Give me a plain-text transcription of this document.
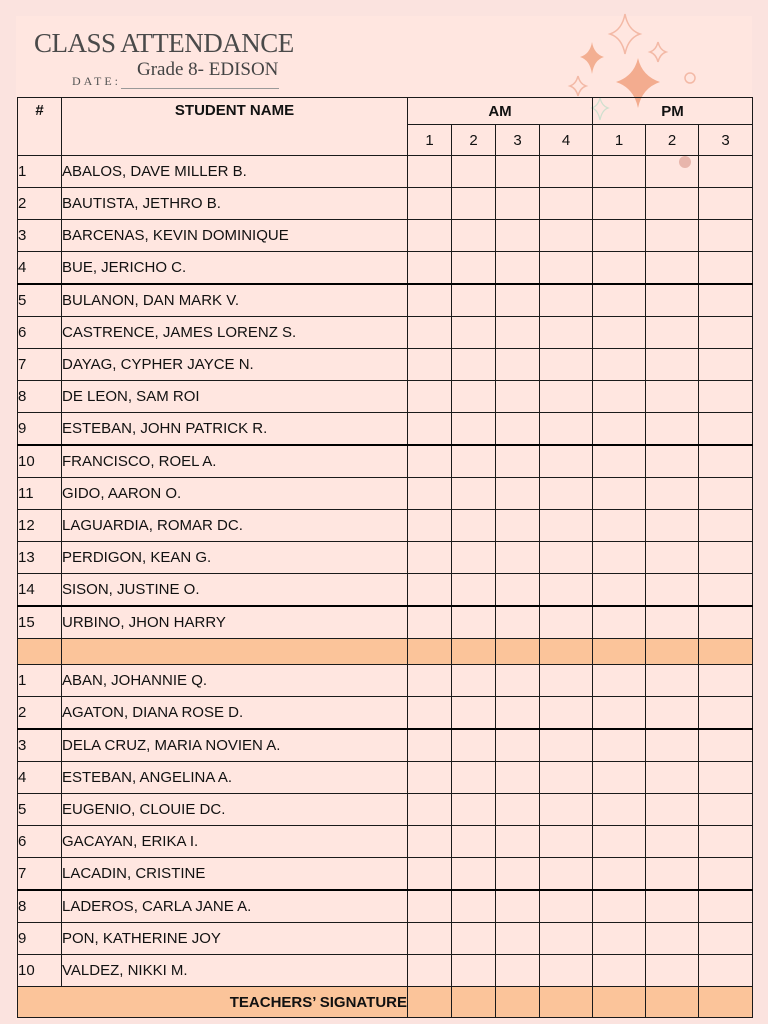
CLASS ATTENDANCE
DATE:
Grade 8- EDISON
#	STUDENT NAME	AM				PM		
		1	2	3	4	1	2	3
1	ABALOS, DAVE MILLER B.							
2	BAUTISTA, JETHRO B.							
3	BARCENAS, KEVIN DOMINIQUE							
4	BUE, JERICHO C.							
5	BULANON, DAN MARK V.							
6	CASTRENCE, JAMES LORENZ S.							
7	DAYAG, CYPHER JAYCE N.							
8	DE LEON, SAM ROI							
9	ESTEBAN, JOHN PATRICK R.							
10	FRANCISCO, ROEL A.							
11	GIDO, AARON O.							
12	LAGUARDIA, ROMAR DC.							
13	PERDIGON, KEAN G.							
14	SISON, JUSTINE O.							
15	URBINO, JHON HARRY							

1	ABAN, JOHANNIE Q.							
2	AGATON, DIANA ROSE D.							
3	DELA CRUZ, MARIA NOVIEN A.							
4	ESTEBAN, ANGELINA A.							
5	EUGENIO, CLOUIE DC.							
6	GACAYAN, ERIKA I.							
7	LACADIN, CRISTINE							
8	LADEROS, CARLA JANE A.							
9	PON, KATHERINE JOY							
10	VALDEZ, NIKKI M.							
TEACHERS’ SIGNATURE								
